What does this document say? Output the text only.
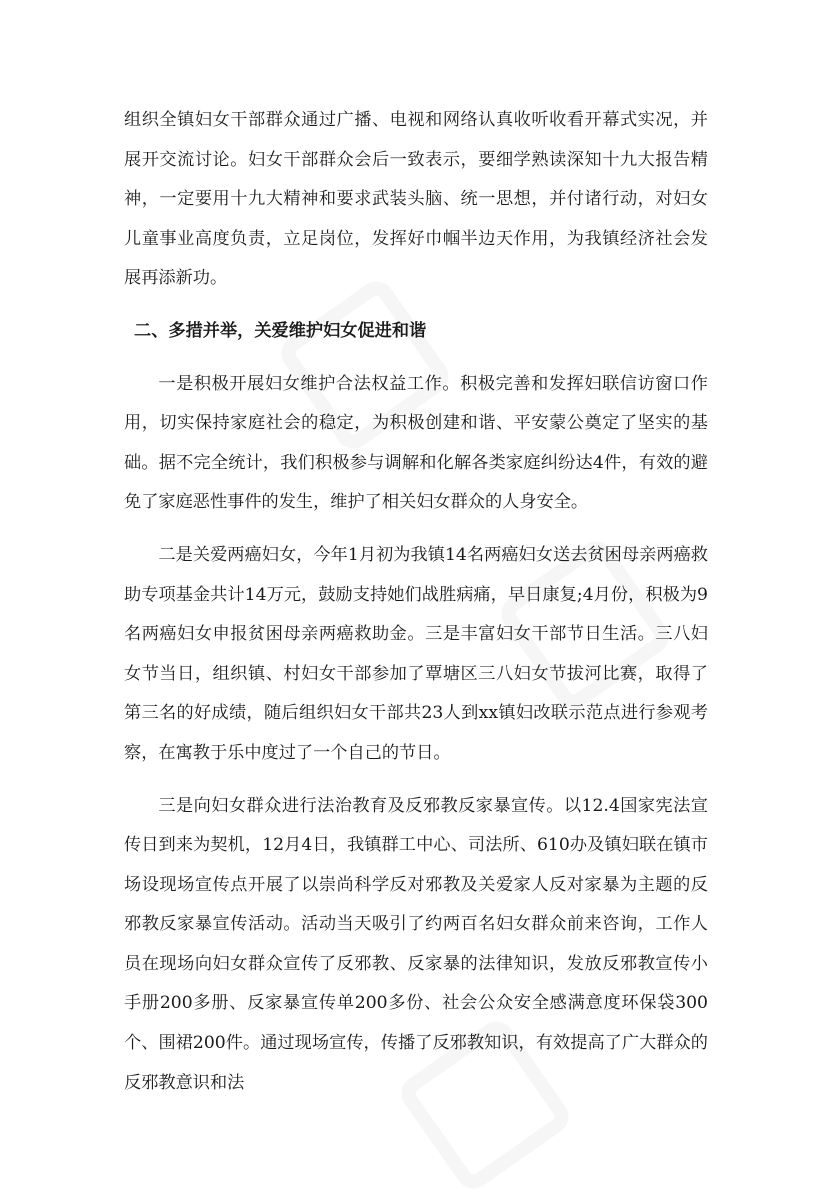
组织全镇妇女干部群众通过广播、电视和网络认真收听收看开幕式实况，并展开交流讨论。妇女干部群众会后一致表示，要细学熟读深知十九大报告精神，一定要用十九大精神和要求武装头脑、统一思想，并付诸行动，对妇女儿童事业高度负责，立足岗位，发挥好巾帼半边天作用，为我镇经济社会发展再添新功。

二、多措并举，关爱维护妇女促进和谐

一是积极开展妇女维护合法权益工作。积极完善和发挥妇联信访窗口作用，切实保持家庭社会的稳定，为积极创建和谐、平安蒙公奠定了坚实的基础。据不完全统计，我们积极参与调解和化解各类家庭纠纷达4件，有效的避免了家庭恶性事件的发生，维护了相关妇女群众的人身安全。

二是关爱两癌妇女，今年1月初为我镇14名两癌妇女送去贫困母亲两癌救助专项基金共计14万元，鼓励支持她们战胜病痛，早日康复;4月份，积极为9名两癌妇女申报贫困母亲两癌救助金。三是丰富妇女干部节日生活。三八妇女节当日，组织镇、村妇女干部参加了覃塘区三八妇女节拔河比赛，取得了第三名的好成绩，随后组织妇女干部共23人到xx镇妇改联示范点进行参观考察，在寓教于乐中度过了一个自己的节日。

三是向妇女群众进行法治教育及反邪教反家暴宣传。以12.4国家宪法宣传日到来为契机，12月4日，我镇群工中心、司法所、610办及镇妇联在镇市场设现场宣传点开展了以崇尚科学反对邪教及关爱家人反对家暴为主题的反邪教反家暴宣传活动。活动当天吸引了约两百名妇女群众前来咨询，工作人员在现场向妇女群众宣传了反邪教、反家暴的法律知识，发放反邪教宣传小手册200多册、反家暴宣传单200多份、社会公众安全感满意度环保袋300个、围裙200件。通过现场宣传，传播了反邪教知识，有效提高了广大群众的反邪教意识和法
